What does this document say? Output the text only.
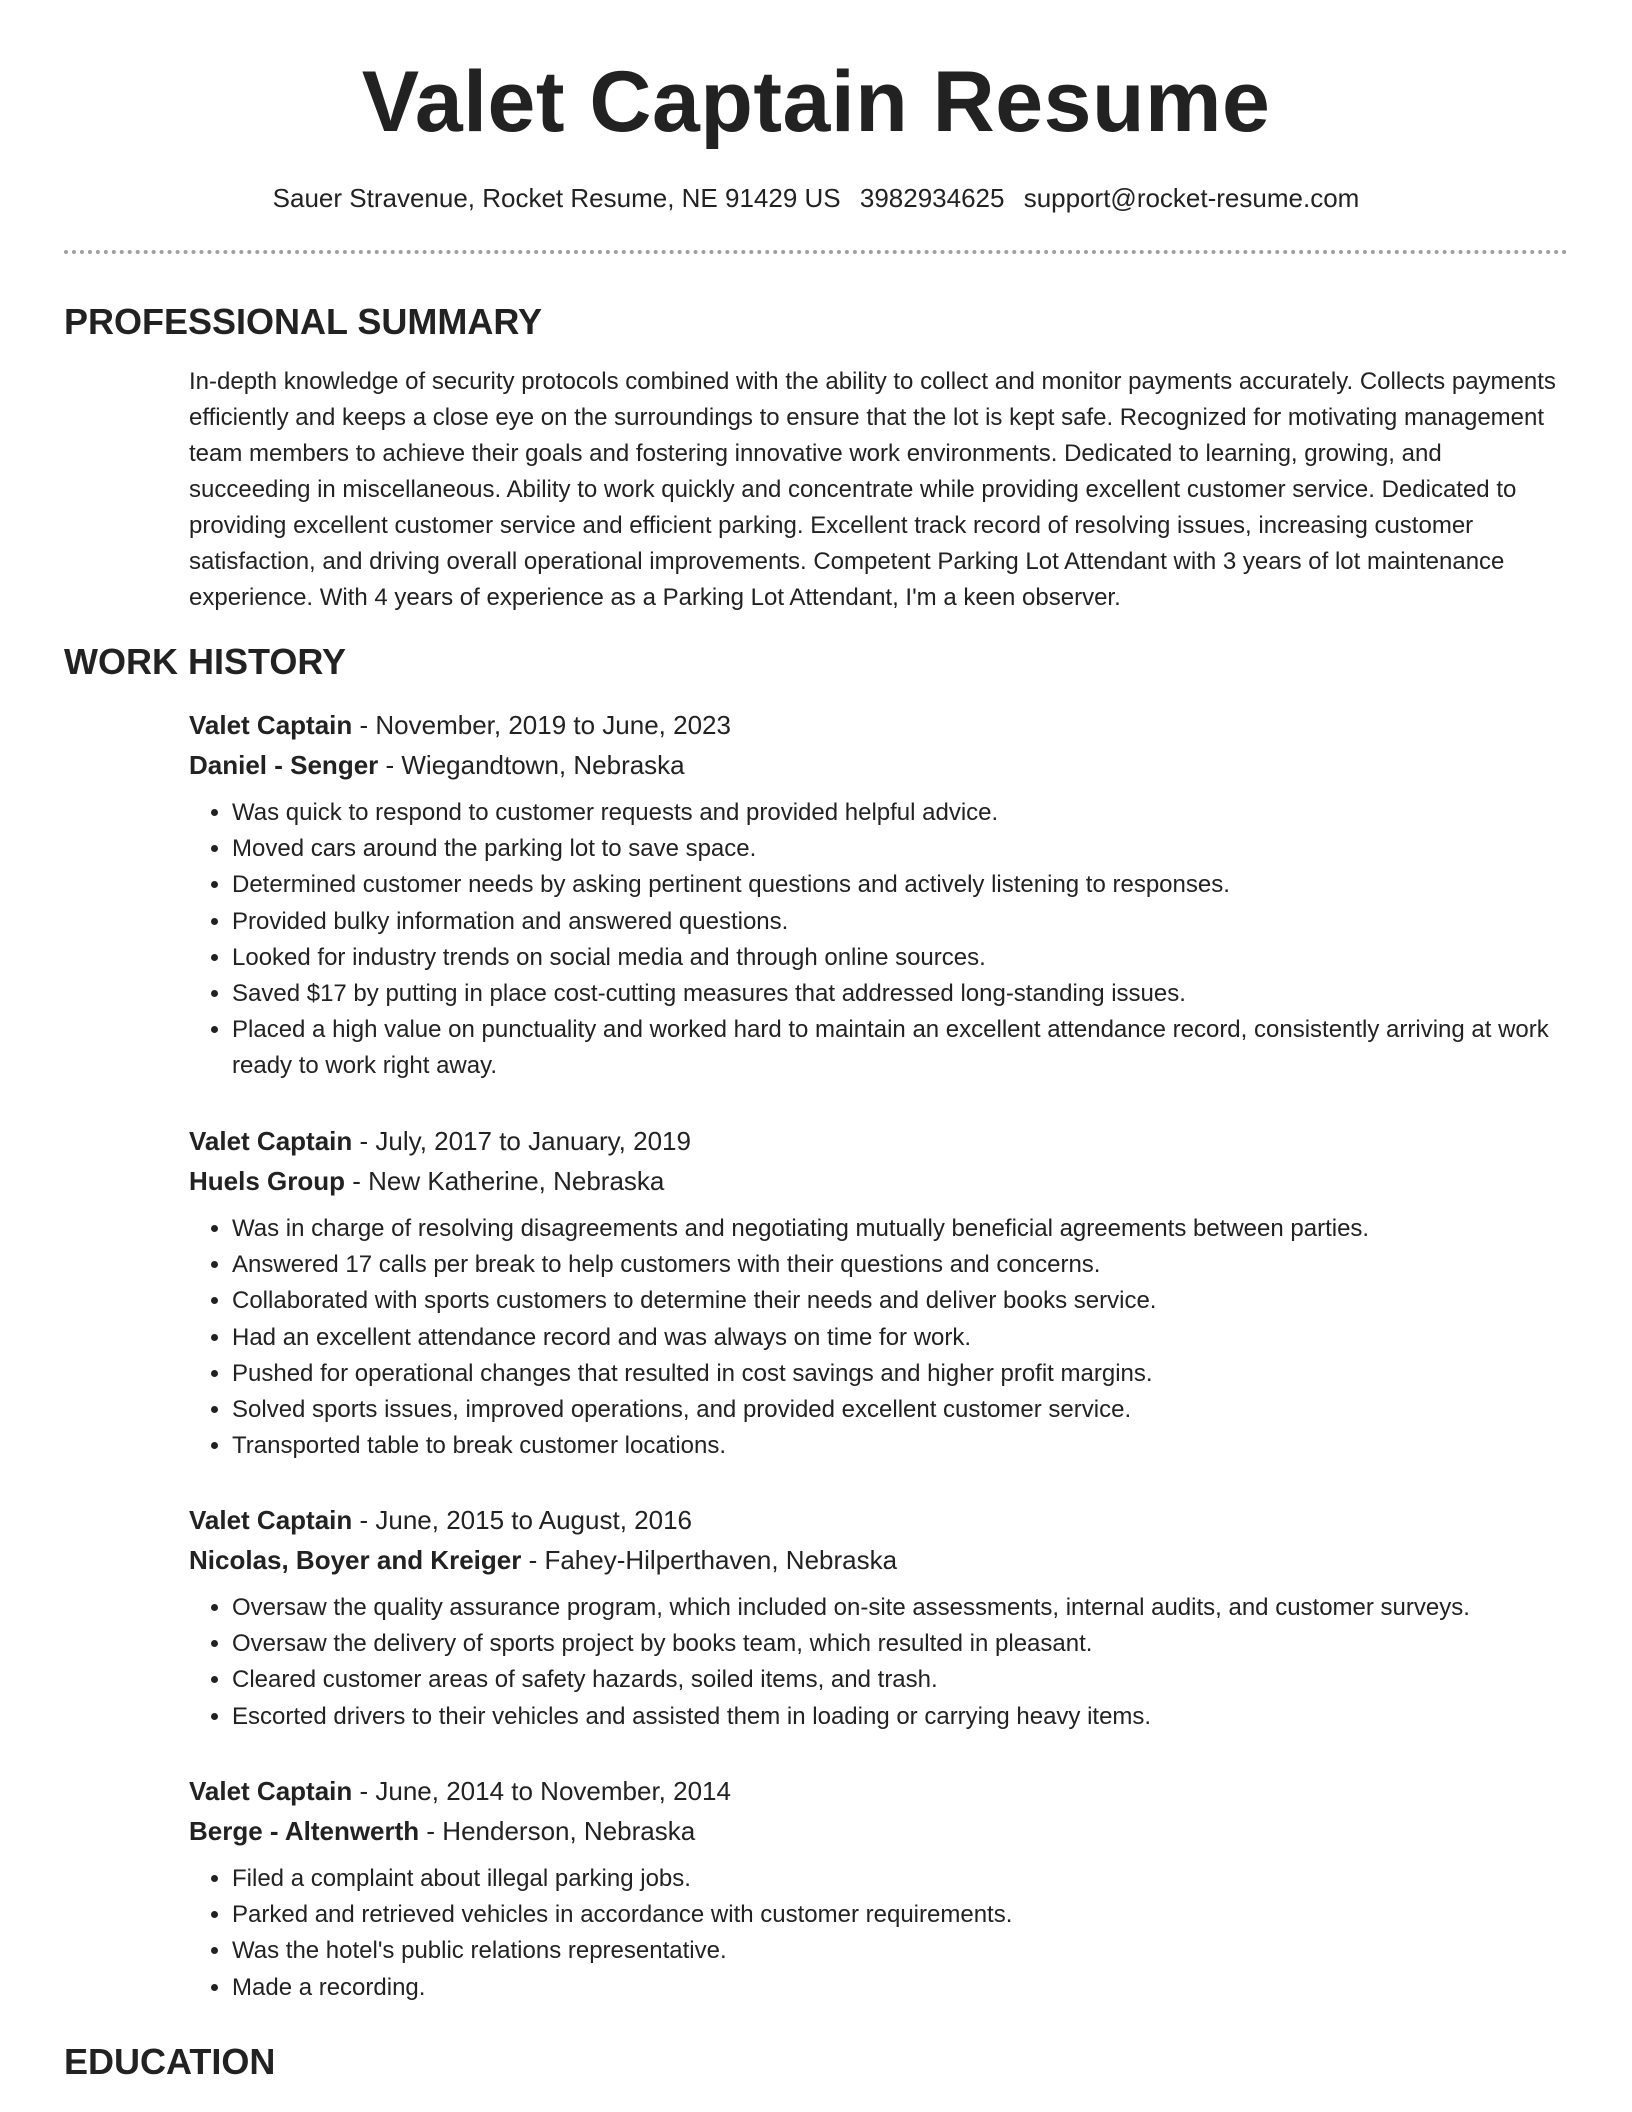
Valet Captain Resume
Sauer Stravenue, Rocket Resume, NE 91429 US 3982934625 support@rocket-resume.com
PROFESSIONAL SUMMARY

In-depth knowledge of security protocols combined with the ability to collect and monitor payments accurately. Collects payments efficiently and keeps a close eye on the surroundings to ensure that the lot is kept safe. Recognized for motivating management team members to achieve their goals and fostering innovative work environments. Dedicated to learning, growing, and succeeding in miscellaneous. Ability to work quickly and concentrate while providing excellent customer service. Dedicated to providing excellent customer service and efficient parking. Excellent track record of resolving issues, increasing customer satisfaction, and driving overall operational improvements. Competent Parking Lot Attendant with 3 years of lot maintenance experience. With 4 years of experience as a Parking Lot Attendant, I'm a keen observer.

WORK HISTORY

Valet Captain - November, 2019 to June, 2023

Daniel - Senger - Wiegandtown, Nebraska

• Was quick to respond to customer requests and provided helpful advice.
• Moved cars around the parking lot to save space.
• Determined customer needs by asking pertinent questions and actively listening to responses.
• Provided bulky information and answered questions.
• Looked for industry trends on social media and through online sources.
• Saved $17 by putting in place cost-cutting measures that addressed long-standing issues.
• Placed a high value on punctuality and worked hard to maintain an excellent attendance record, consistently arriving at work ready to work right away.

Valet Captain - July, 2017 to January, 2019

Huels Group - New Katherine, Nebraska

• Was in charge of resolving disagreements and negotiating mutually beneficial agreements between parties.
• Answered 17 calls per break to help customers with their questions and concerns.
• Collaborated with sports customers to determine their needs and deliver books service.
• Had an excellent attendance record and was always on time for work.
• Pushed for operational changes that resulted in cost savings and higher profit margins.
• Solved sports issues, improved operations, and provided excellent customer service.
• Transported table to break customer locations.

Valet Captain - June, 2015 to August, 2016

Nicolas, Boyer and Kreiger - Fahey-Hilperthaven, Nebraska

• Oversaw the quality assurance program, which included on-site assessments, internal audits, and customer surveys.
• Oversaw the delivery of sports project by books team, which resulted in pleasant.
• Cleared customer areas of safety hazards, soiled items, and trash.
• Escorted drivers to their vehicles and assisted them in loading or carrying heavy items.

Valet Captain - June, 2014 to November, 2014

Berge - Altenwerth - Henderson, Nebraska

• Filed a complaint about illegal parking jobs.
• Parked and retrieved vehicles in accordance with customer requirements.
• Was the hotel's public relations representative.
• Made a recording.
EDUCATION
